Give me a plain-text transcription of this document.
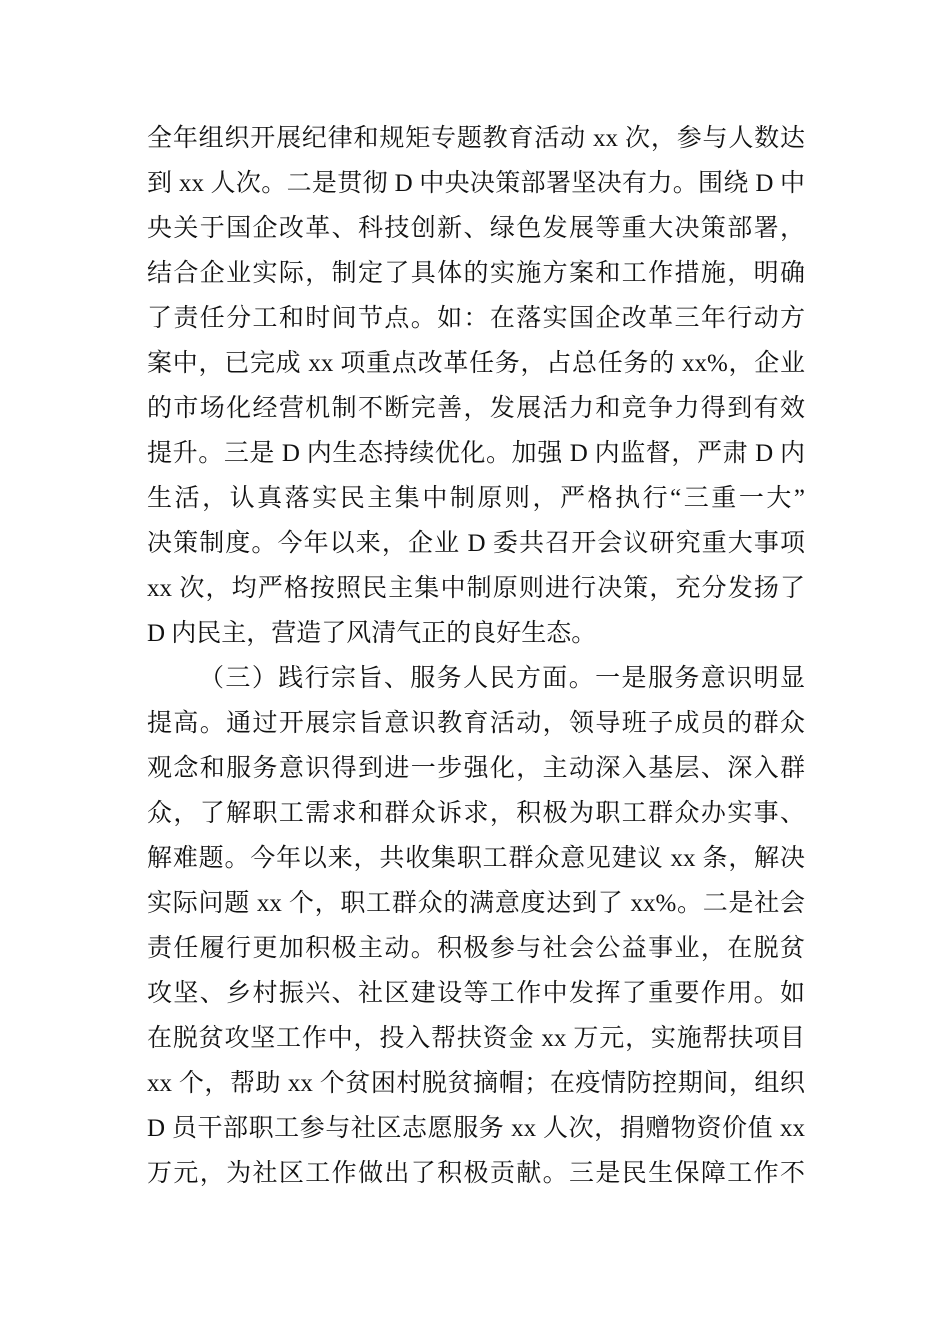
全年组织开展纪律和规矩专题教育活动 xx 次，参与人数达
到 xx 人次。二是贯彻 D 中央决策部署坚决有力。围绕 D 中
央关于国企改革、科技创新、绿色发展等重大决策部署，
结合企业实际，制定了具体的实施方案和工作措施，明确
了责任分工和时间节点。如：在落实国企改革三年行动方
案中，已完成 xx 项重点改革任务，占总任务的 xx%，企业
的市场化经营机制不断完善，发展活力和竞争力得到有效
提升。三是 D 内生态持续优化。加强 D 内监督，严肃 D 内
生活，认真落实民主集中制原则，严格执行“三重一大”
决策制度。今年以来，企业 D 委共召开会议研究重大事项
xx 次，均严格按照民主集中制原则进行决策，充分发扬了
D 内民主，营造了风清气正的良好生态。
（三）践行宗旨、服务人民方面。一是服务意识明显
提高。通过开展宗旨意识教育活动，领导班子成员的群众
观念和服务意识得到进一步强化，主动深入基层、深入群
众，了解职工需求和群众诉求，积极为职工群众办实事、
解难题。今年以来，共收集职工群众意见建议 xx 条，解决
实际问题 xx 个，职工群众的满意度达到了 xx%。二是社会
责任履行更加积极主动。积极参与社会公益事业，在脱贫
攻坚、乡村振兴、社区建设等工作中发挥了重要作用。如
在脱贫攻坚工作中，投入帮扶资金 xx 万元，实施帮扶项目
xx 个，帮助 xx 个贫困村脱贫摘帽；在疫情防控期间，组织
D 员干部职工参与社区志愿服务 xx 人次，捐赠物资价值 xx
万元，为社区工作做出了积极贡献。三是民生保障工作不
